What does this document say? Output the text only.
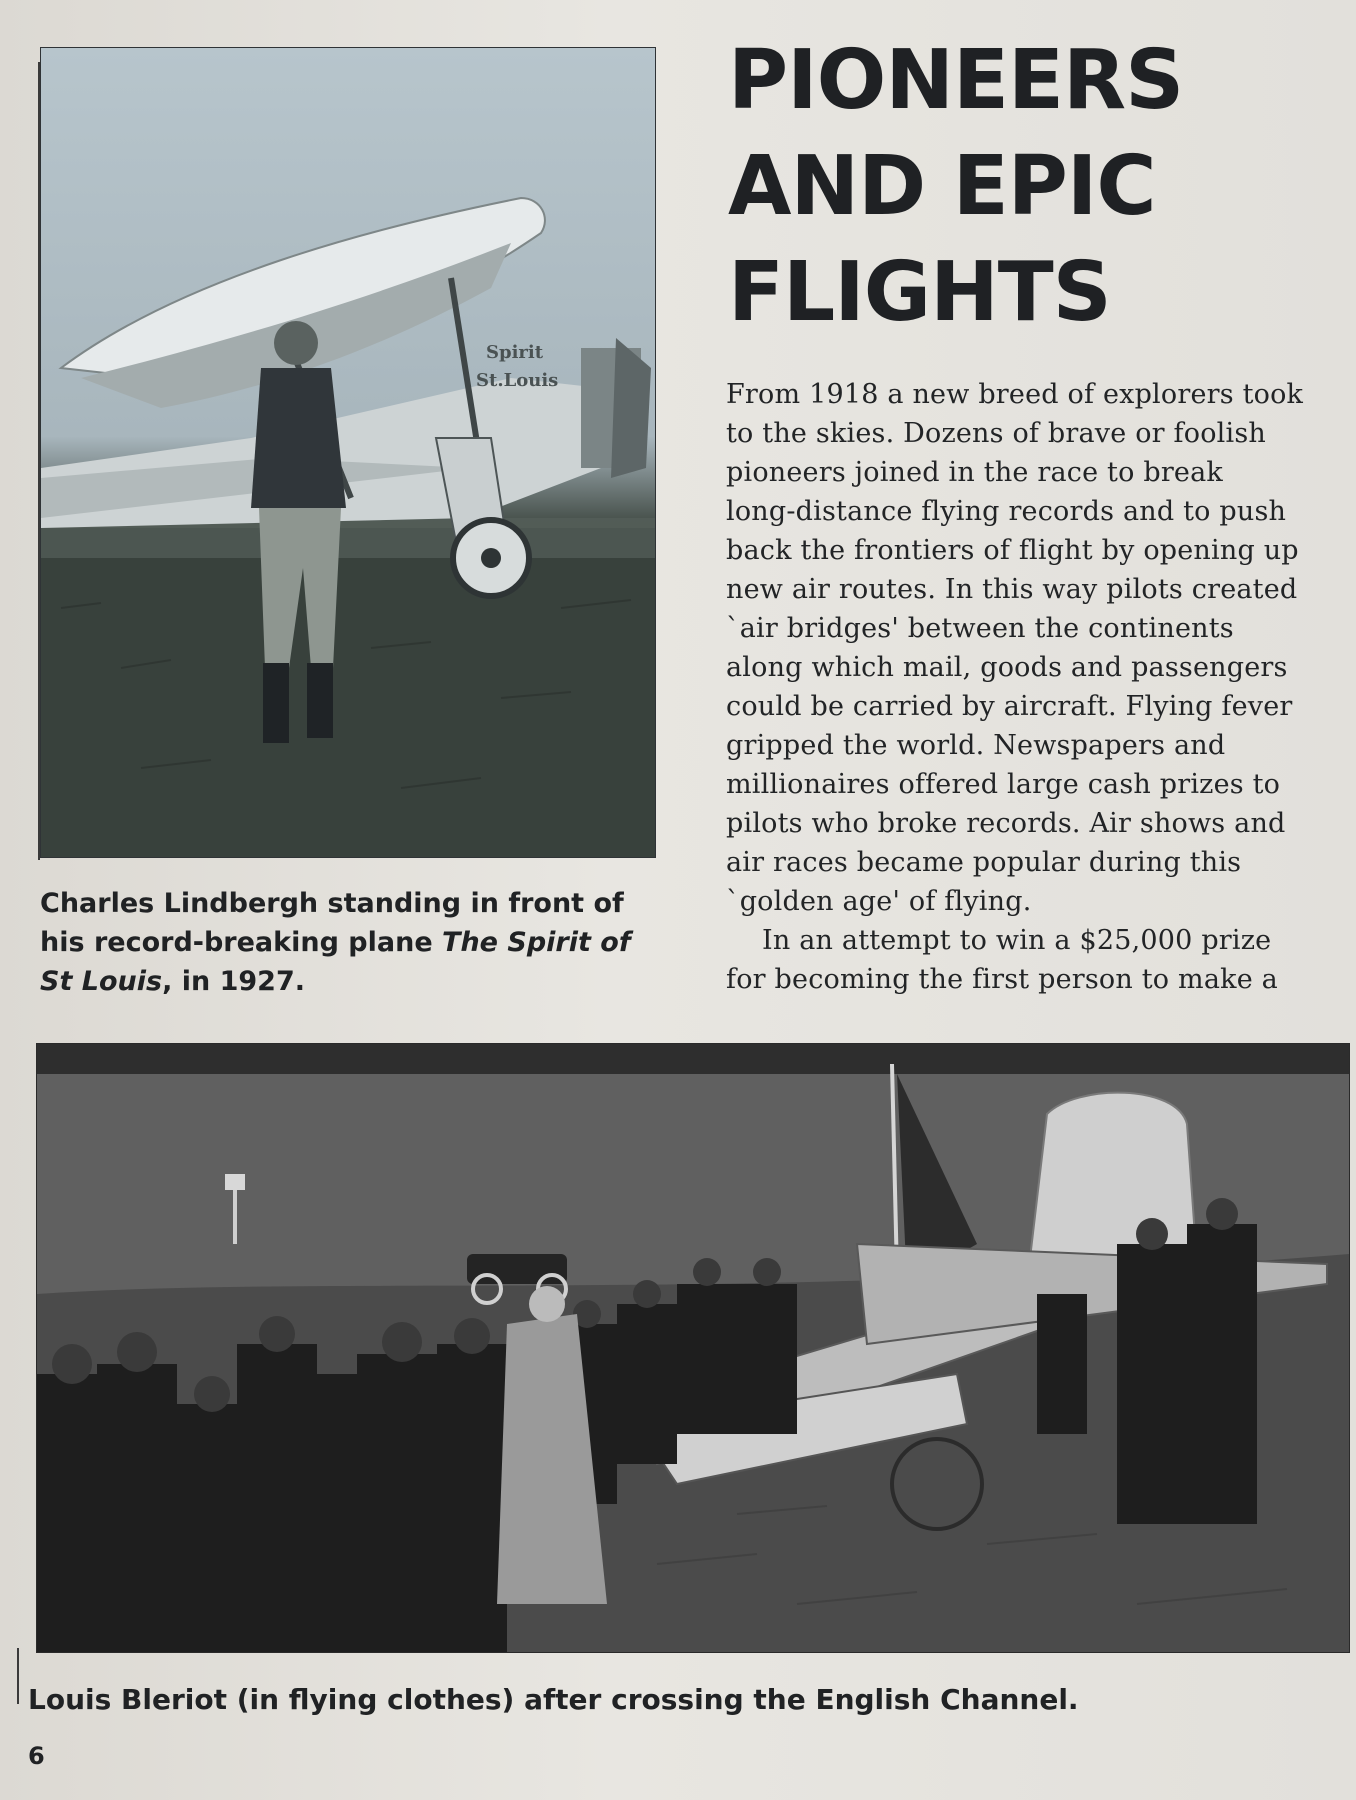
Spirit
St.Louis
PIONEERS
AND EPIC
FLIGHTS
From 1918 a new breed of explorers took
to the skies. Dozens of brave or foolish
pioneers joined in the race to break
long-distance flying records and to push
back the frontiers of flight by opening up
new air routes. In this way pilots created
`air bridges' between the continents
along which mail, goods and passengers
could be carried by aircraft. Flying fever
gripped the world. Newspapers and
millionaires offered large cash prizes to
pilots who broke records. Air shows and
air races became popular during this
`golden age' of flying.
In an attempt to win a $25,000 prize
for becoming the first person to make a
Charles Lindbergh standing in front of
his record-breaking plane The Spirit of
St Louis, in 1927.
Louis Bleriot (in flying clothes) after crossing the English Channel.
6
